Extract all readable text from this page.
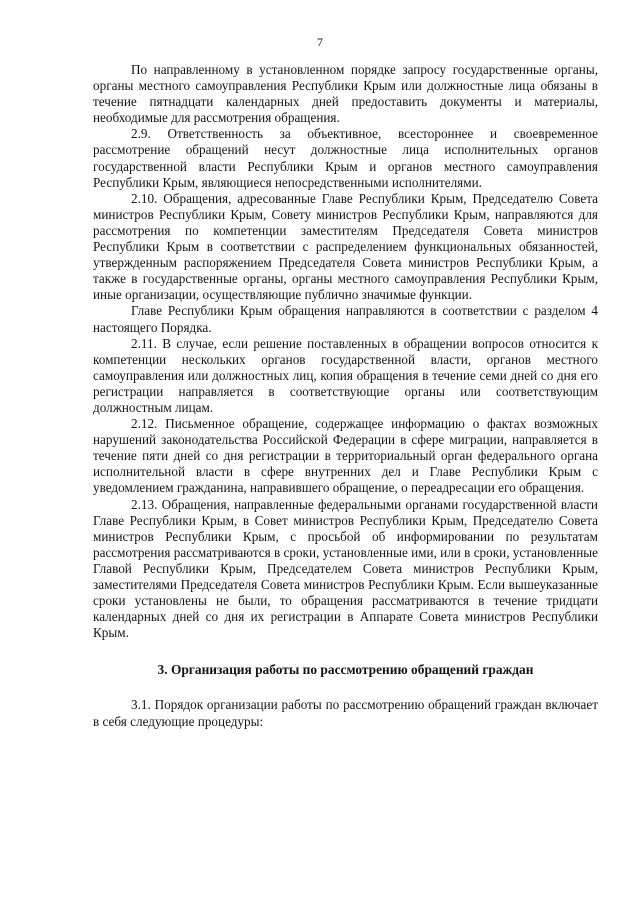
7

По направленному в установленном порядке запросу государственные органы, органы местного самоуправления Республики Крым или должностные лица обязаны в течение пятнадцати календарных дней предоставить документы и материалы, необходимые для рассмотрения обращения.

2.9. Ответственность за объективное, всестороннее и своевременное рассмотрение обращений несут должностные лица исполнительных органов государственной власти Республики Крым и органов местного самоуправления Республики Крым, являющиеся непосредственными исполнителями.

2.10. Обращения, адресованные Главе Республики Крым, Председателю Совета министров Республики Крым, Совету министров Республики Крым, направляются для рассмотрения по компетенции заместителям Председателя Совета министров Республики Крым в соответствии с распределением функциональных обязанностей, утвержденным распоряжением Председателя Совета министров Республики Крым, а также в государственные органы, органы местного самоуправления Республики Крым, иные организации, осуществляющие публично значимые функции.

Главе Республики Крым обращения направляются в соответствии с разделом 4 настоящего Порядка.

2.11. В случае, если решение поставленных в обращении вопросов относится к компетенции нескольких органов государственной власти, органов местного самоуправления или должностных лиц, копия обращения в течение семи дней со дня его регистрации направляется в соответствующие органы или соответствующим должностным лицам.

2.12. Письменное обращение, содержащее информацию о фактах возможных нарушений законодательства Российской Федерации в сфере миграции, направляется в течение пяти дней со дня регистрации в территориальный орган федерального органа исполнительной власти в сфере внутренних дел и Главе Республики Крым с уведомлением гражданина, направившего обращение, о переадресации его обращения.

2.13. Обращения, направленные федеральными органами государственной власти Главе Республики Крым, в Совет министров Республики Крым, Председателю Совета министров Республики Крым, с просьбой об информировании по результатам рассмотрения рассматриваются в сроки, установленные ими, или в сроки, установленные Главой Республики Крым, Председателем Совета министров Республики Крым, заместителями Председателя Совета министров Республики Крым. Если вышеуказанные сроки установлены не были, то обращения рассматриваются в течение тридцати календарных дней со дня их регистрации в Аппарате Совета министров Республики Крым.

3. Организация работы по рассмотрению обращений граждан

3.1. Порядок организации работы по рассмотрению обращений граждан включает в себя следующие процедуры:
